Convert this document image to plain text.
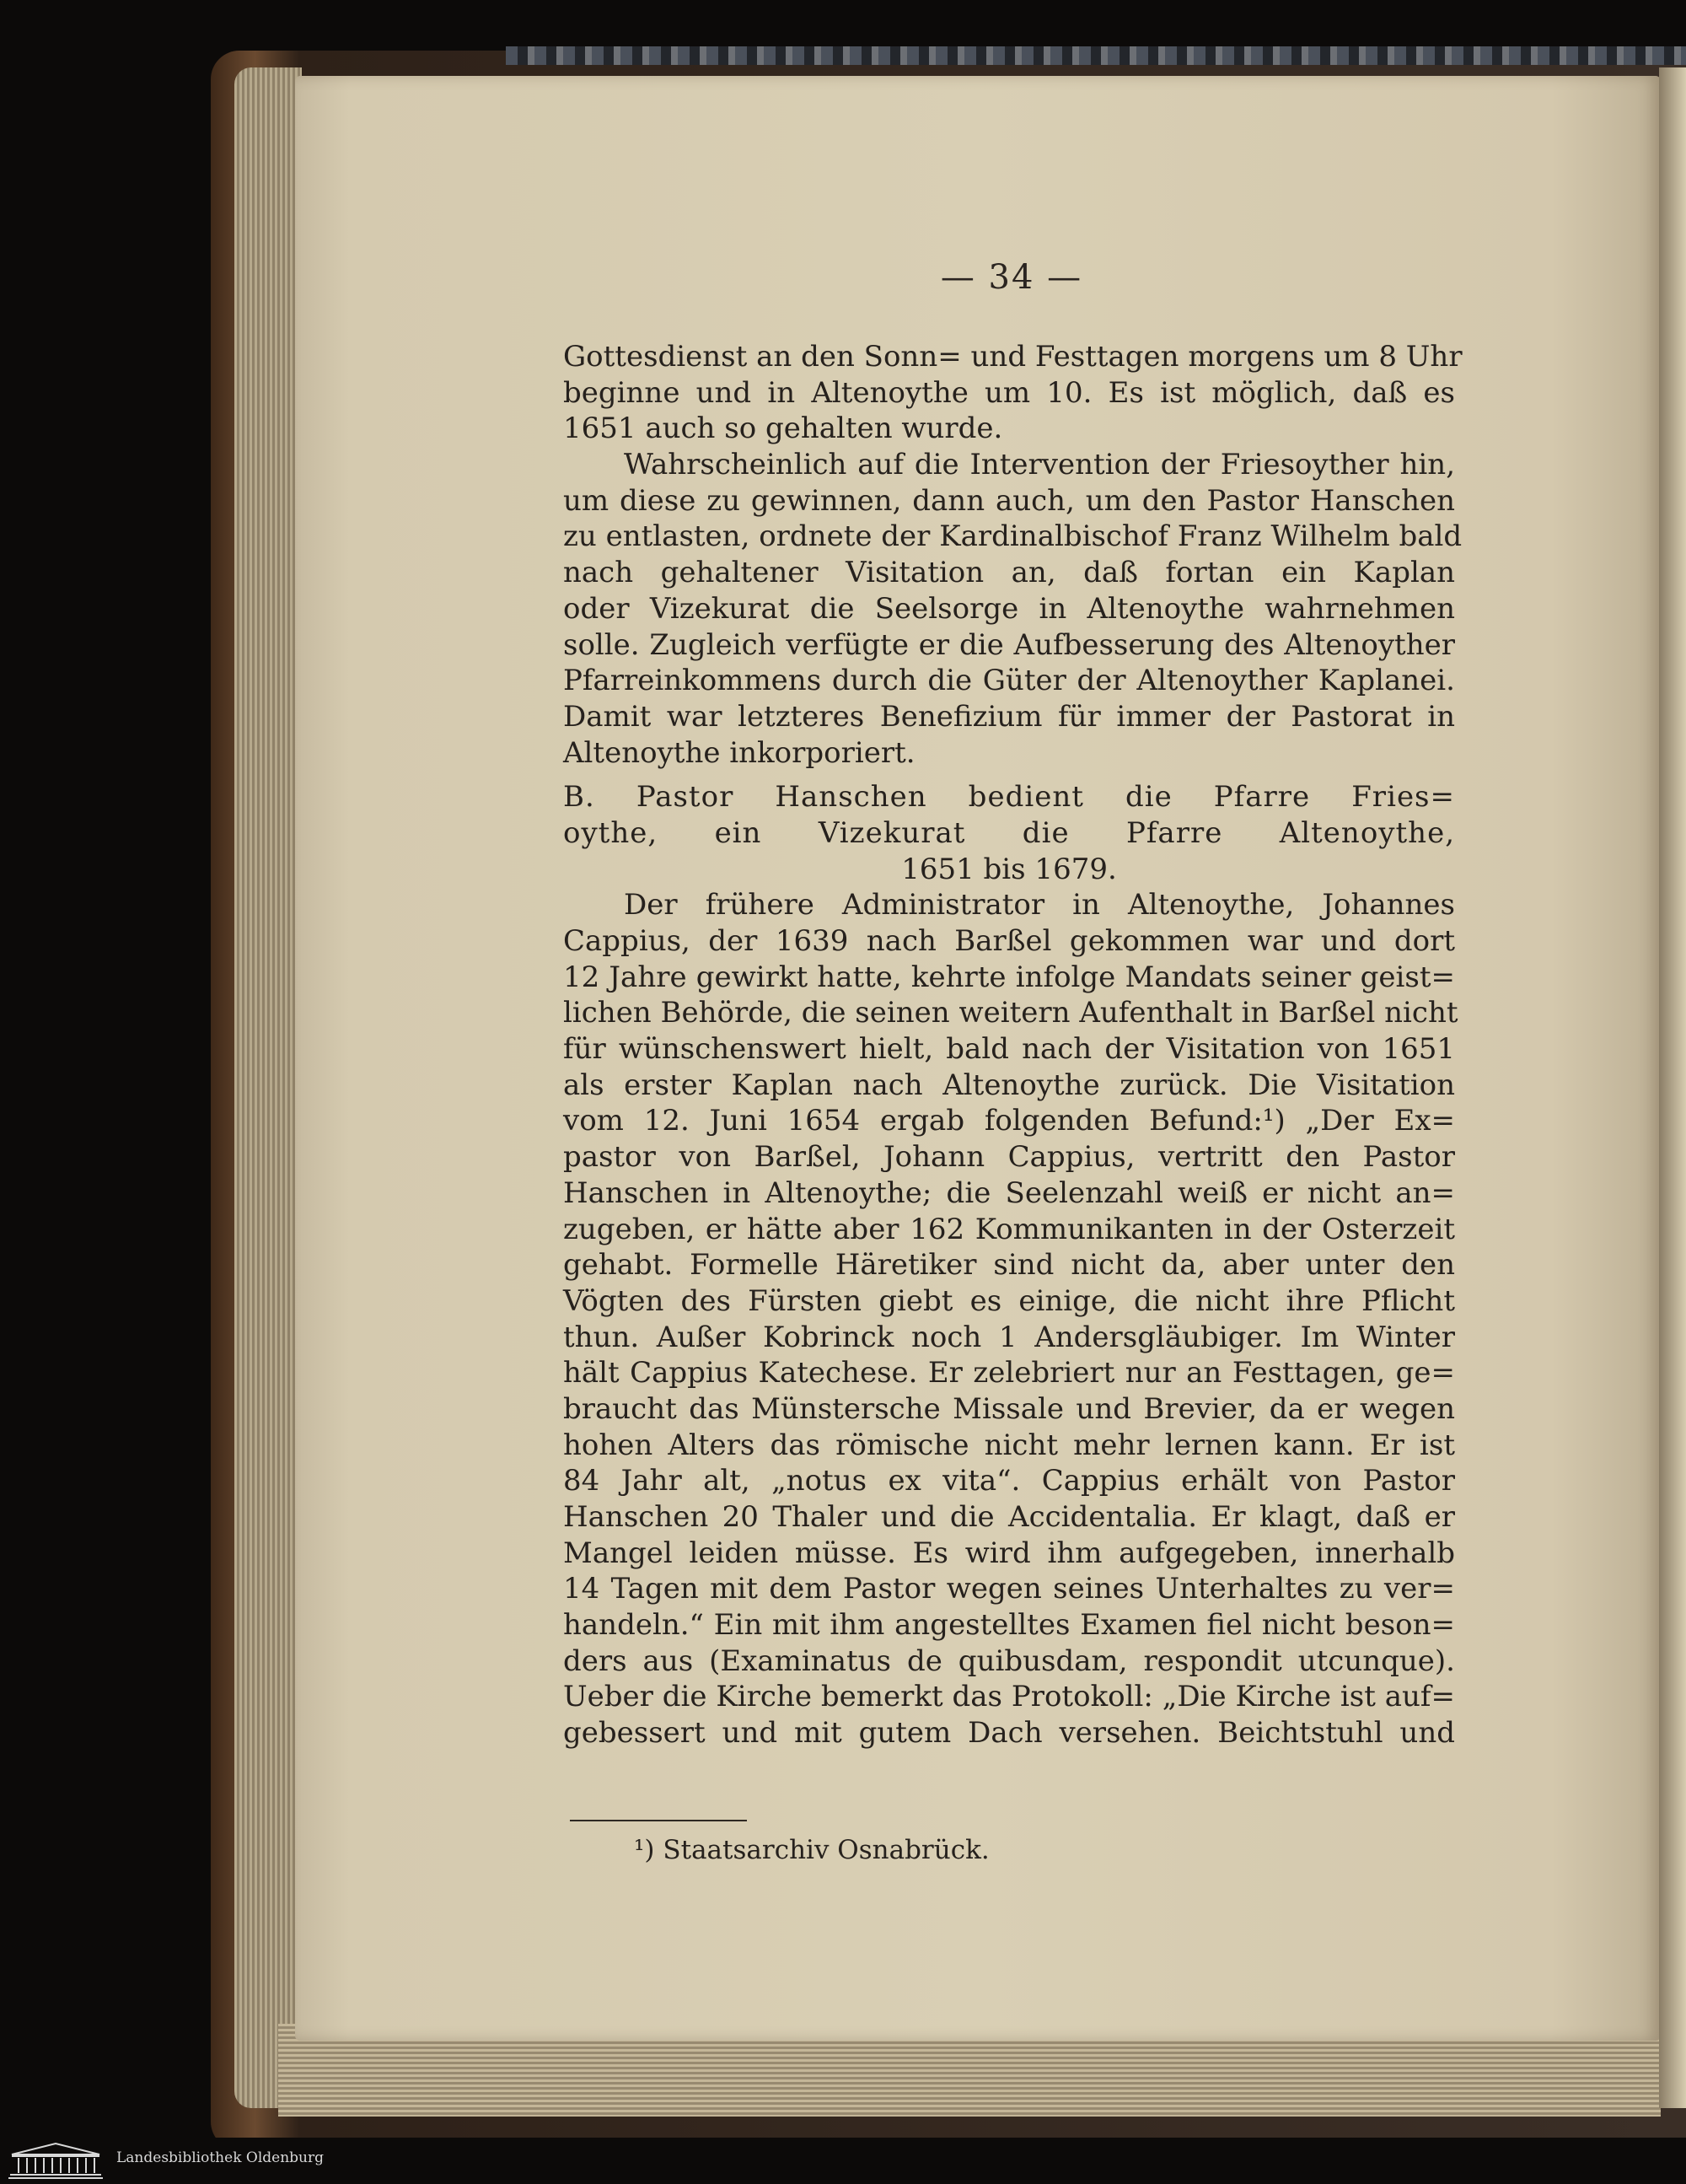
— 34 —
Gottesdienst an den Sonn= und Festtagen morgens um 8 Uhr
beginne und in Altenoythe um 10. Es ist möglich, daß es
1651 auch so gehalten wurde.
Wahrscheinlich auf die Intervention der Friesoyther hin,
um diese zu gewinnen, dann auch, um den Pastor Hanschen
zu entlasten, ordnete der Kardinalbischof Franz Wilhelm bald
nach gehaltener Visitation an, daß fortan ein Kaplan
oder Vizekurat die Seelsorge in Altenoythe wahrnehmen
solle. Zugleich verfügte er die Aufbesserung des Altenoyther
Pfarreinkommens durch die Güter der Altenoyther Kaplanei.
Damit war letzteres Benefizium für immer der Pastorat in
Altenoythe inkorporiert.
B. Pastor Hanschen bedient die Pfarre Fries=
oythe, ein Vizekurat die Pfarre Altenoythe,
1651 bis 1679.
Der frühere Administrator in Altenoythe, Johannes
Cappius, der 1639 nach Barßel gekommen war und dort
12 Jahre gewirkt hatte, kehrte infolge Mandats seiner geist=
lichen Behörde, die seinen weitern Aufenthalt in Barßel nicht
für wünschenswert hielt, bald nach der Visitation von 1651
als erster Kaplan nach Altenoythe zurück. Die Visitation
vom 12. Juni 1654 ergab folgenden Befund:¹) „Der Ex=
pastor von Barßel, Johann Cappius, vertritt den Pastor
Hanschen in Altenoythe; die Seelenzahl weiß er nicht an=
zugeben, er hätte aber 162 Kommunikanten in der Osterzeit
gehabt. Formelle Häretiker sind nicht da, aber unter den
Vögten des Fürsten giebt es einige, die nicht ihre Pflicht
thun. Außer Kobrinck noch 1 Andersgläubiger. Im Winter
hält Cappius Katechese. Er zelebriert nur an Festtagen, ge=
braucht das Münstersche Missale und Brevier, da er wegen
hohen Alters das römische nicht mehr lernen kann. Er ist
84 Jahr alt, „notus ex vita“. Cappius erhält von Pastor
Hanschen 20 Thaler und die Accidentalia. Er klagt, daß er
Mangel leiden müsse. Es wird ihm aufgegeben, innerhalb
14 Tagen mit dem Pastor wegen seines Unterhaltes zu ver=
handeln.“ Ein mit ihm angestelltes Examen fiel nicht beson=
ders aus (Examinatus de quibusdam, respondit utcunque).
Ueber die Kirche bemerkt das Protokoll: „Die Kirche ist auf=
gebessert und mit gutem Dach versehen. Beichtstuhl und
¹) Staatsarchiv Osnabrück.
Landesbibliothek Oldenburg
